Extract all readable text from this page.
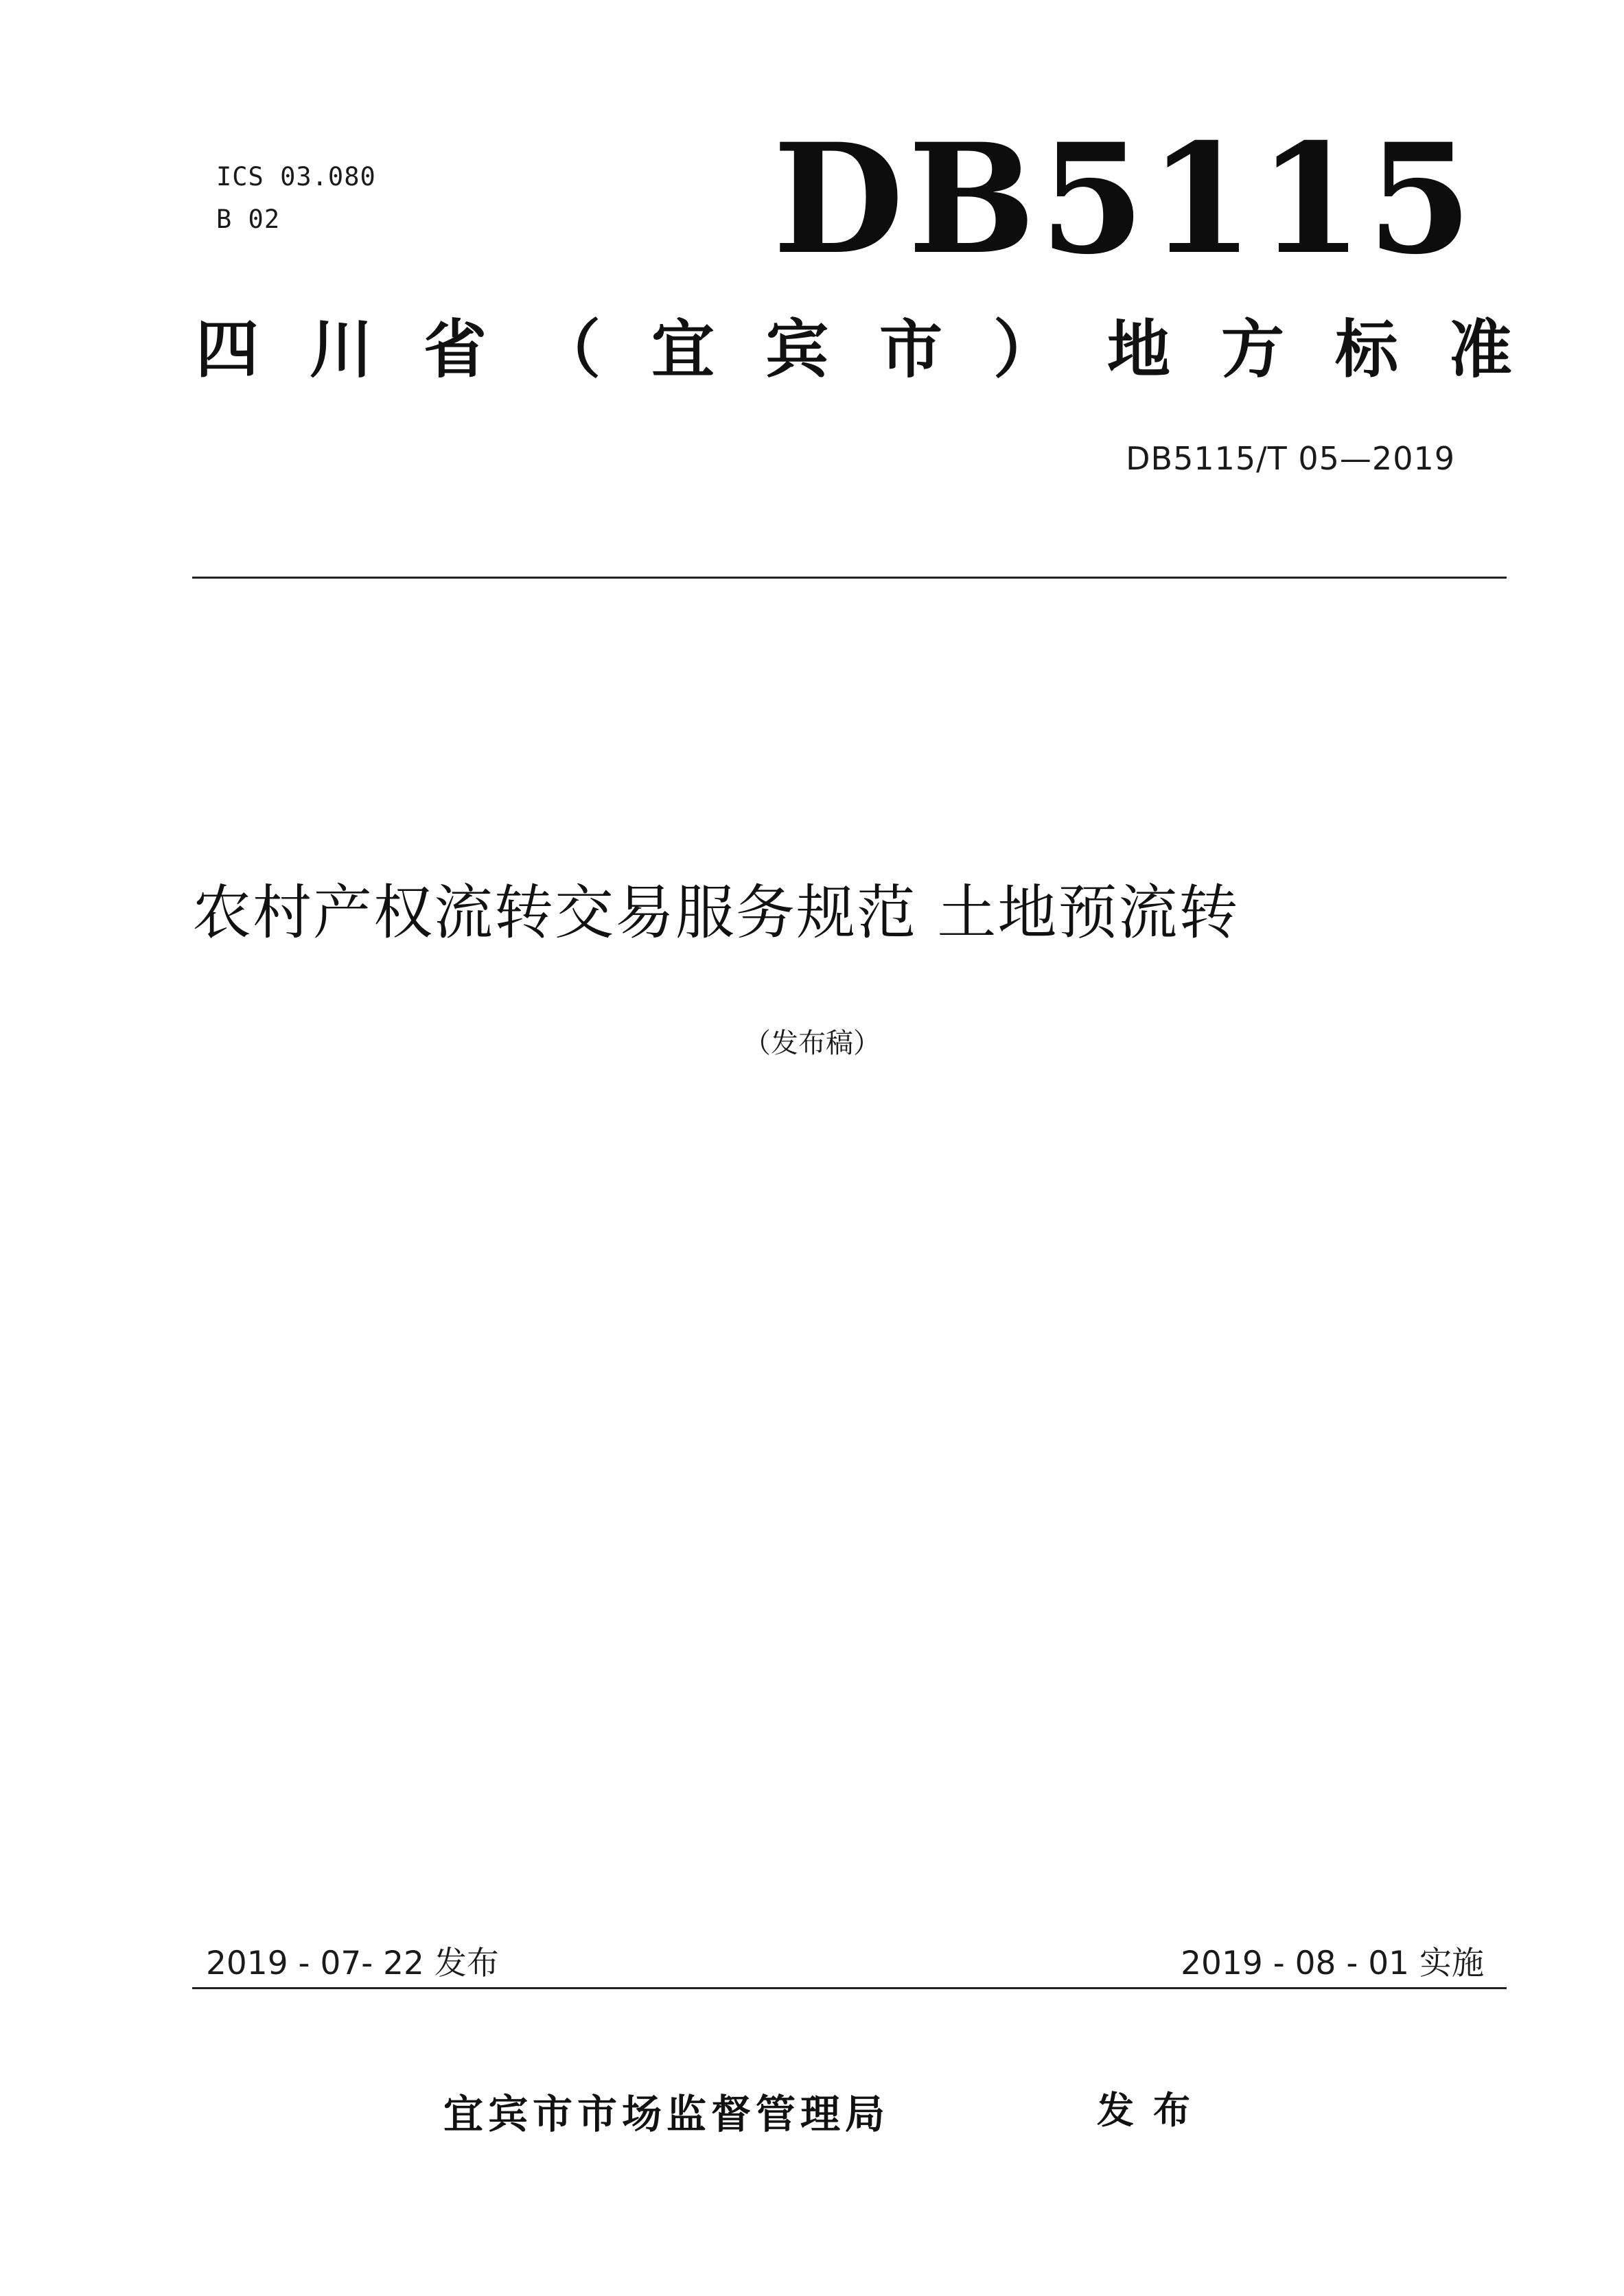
ICS 03.080
B 02	DB5115
四川省（宜宾市）地方标准
DB5115/T 05—2019
农村产权流转交易服务规范 土地预流转
（发布稿）
2019 - 07- 22 发布	2019 - 08 - 01 实施
宜宾市市场监督管理局	发布
